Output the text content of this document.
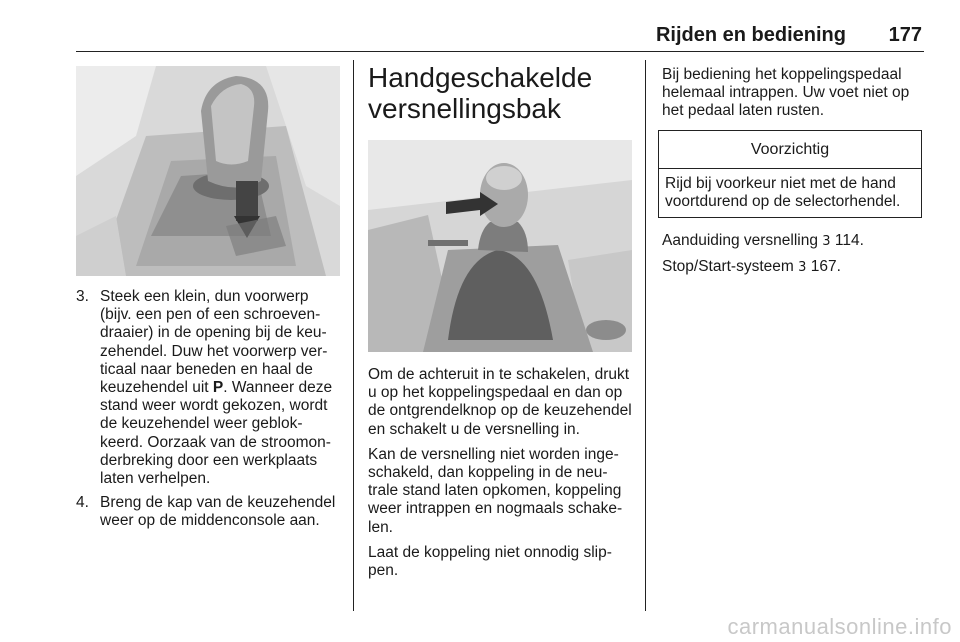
Rijden en bediening 177
3. Steek een klein, dun voorwerp (bijv. een pen of een schroevendraaier) in de opening bij de keuzehendel. Duw het voorwerp verticaal naar beneden en haal de keuzehendel uit P. Wanneer deze stand weer wordt gekozen, wordt de keuzehendel weer geblokkeerd. Oorzaak van de stroomonderbreking door een werkplaats laten verhelpen.
4. Breng de kap van de keuzehendel weer op de middenconsole aan.
Handgeschakelde versnellingsbak

Om de achteruit in te schakelen, drukt u op het koppelingspedaal en dan op de ontgrendelknop op de keuzehendel en schakelt u de versnelling in.

Kan de versnelling niet worden ingeschakeld, dan koppeling in de neutrale stand laten opkomen, koppeling weer intrappen en nogmaals schakelen.

Laat de koppeling niet onnodig slippen.

Bij bediening het koppelingspedaal helemaal intrappen. Uw voet niet op het pedaal laten rusten.

Voorzichtig
Rijd bij voorkeur niet met de hand voortdurend op de selectorhendel.

Aanduiding versnelling 3 114.

Stop/Start-systeem 3 167.

carmanualsonline.info
